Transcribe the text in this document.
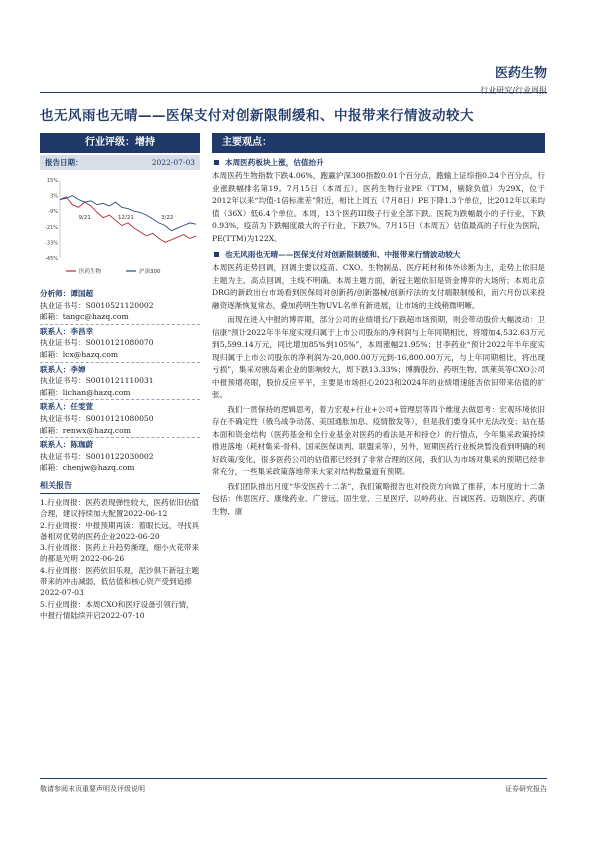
医药生物
行业研究/行业周报
也无风雨也无晴——医保支付对创新限制缓和、中报带来行情波动较大
行业评级：增持
报告日期：	2022-07-03
15%
3%
-9%
-21%
-33%
-45%
9/21	12/21	3/22
医药生物	沪深300
分析师：谭国超
执业证书号：S0010521120002
邮箱：tangc@hazq.com
联系人：李昌幸
执业证书号：S0010121080070
邮箱：lcx@hazq.com
联系人：李婵
执业证书号：S0010121110031
邮箱：lichan@hazq.com
联系人：任雯萱
执业证书号：S0010121080050
邮箱：renwx@hazq.com
联系人：陈珈蔚
执业证书号：S0010122030002
邮箱：chenjw@hazq.com
相关报告
1.行业周报：医药表现弹性较大，医药依旧估值合理，建议持续加大配置2022-06-12
2.行业周报：中报预期再读：着眼长远，寻找具备相对优势的医药企业2022-06-20
3.行业周报：医药上升趋势渐现，细小火花带来的都是光明 2022-06-26
4.行业周报：医药依旧乐观，泥沙俱下新冠主题带来的冲击减弱，低估值和核心资产受到追捧 2022-07-03
5.行业周报：本周CXO和医疗设备引领行情，中报行情陆续开启2022-07-10
主要观点：
本周医药板块上涨，估值抬升

本周医药生物指数下跌4.06%，跑赢沪深300指数0.01个百分点，跑输上证综指0.24个百分点，行业涨跌幅排名第19。7月15日（本周五），医药生物行业PE（TTM，剔除负值）为29X，位于2012年以来“均值-1倍标准差”附近，相比上周五（7月8日）PE下降1.3个单位，比2012年以来均值（36X）低6.4个单位。本周，13个医药III级子行业全部下跌。医院为跌幅最小的子行业，下跌0.93%，疫苗为下跌幅度最大的子行业，下跌7%。7月15日（本周五）估值最高的子行业为医院，PE(TTM)为122X。

也无风雨也无晴——医保支付对创新限制缓和、中报带来行情波动较大

本周医药走势回调，回调主要以疫苗、CXO、生物制品、医疗耗材和体外诊断为主，走势上依旧是主题为主、高点回调，主线不明确。本周主题方面，新冠主题依旧是资金博弈的大场所；本周北京DRG的新政出台市场看到医保局对创新药/创新器械/创新疗法的支付端限制缓和，而六月份以来投融资逐渐恢复常态，叠加药明生物UVL名单有新进展，让市场的主线稍微明晰。

而现在进入中报的博弈期，部分公司的业绩增长/下跌超市场预期，则会带动股价大幅波动：卫信康“预计2022年半年度实现归属于上市公司股东的净利润与上年同期相比，将增加4,532.63万元到5,599.14万元，同比增加85%到105%”，本周涨幅21.95%；甘李药业“预计2022年半年度实现归属于上市公司股东的净利润为-20,000.00万元到-16,800.00万元，与上年同期相比，将出现亏损”，集采对胰岛素企业的影响较大，周下跌13.33%；博腾股份、药明生物、凯莱英等CXO公司中报预增亮眼，股价反应平平，主要是市场担心2023和2024年的业绩增速能否依旧带来估值的扩张。

我们一贯保持的逻辑思考，着力宏观+行业+公司+管理层等四个维度去做思考：宏观环境依旧存在不确定性（俄乌战争动荡、美国通胀加息、疫情散发等），但是我们要身其中无法改变；站在基本面和资金结构（医药基金和全行业基金对医药的看法是开和持仓）的行情点，今年集采政策持续推进落地（耗材集采-骨科、国采医保谈判、联盟采等），另外，短期医药行业板块暂没看到明确的利好政策/变化，很多医药公司的估值都已经到了非常合理的区间，我们认为市场对集采的预期已经非常充分，一些集采政策落地带来大家对结构数量道有预期。

我们团队推出月度“华安医药十二条”，我们策略报告也对投资方向做了推荐，本月度的十二条包括：伟思医疗、康缘药业、广誉远、固生堂、三星医疗、以岭药业、百诚医药、迈瑞医疗、药康生物、康

敬请参阅末页重要声明及评级说明	证券研究报告
